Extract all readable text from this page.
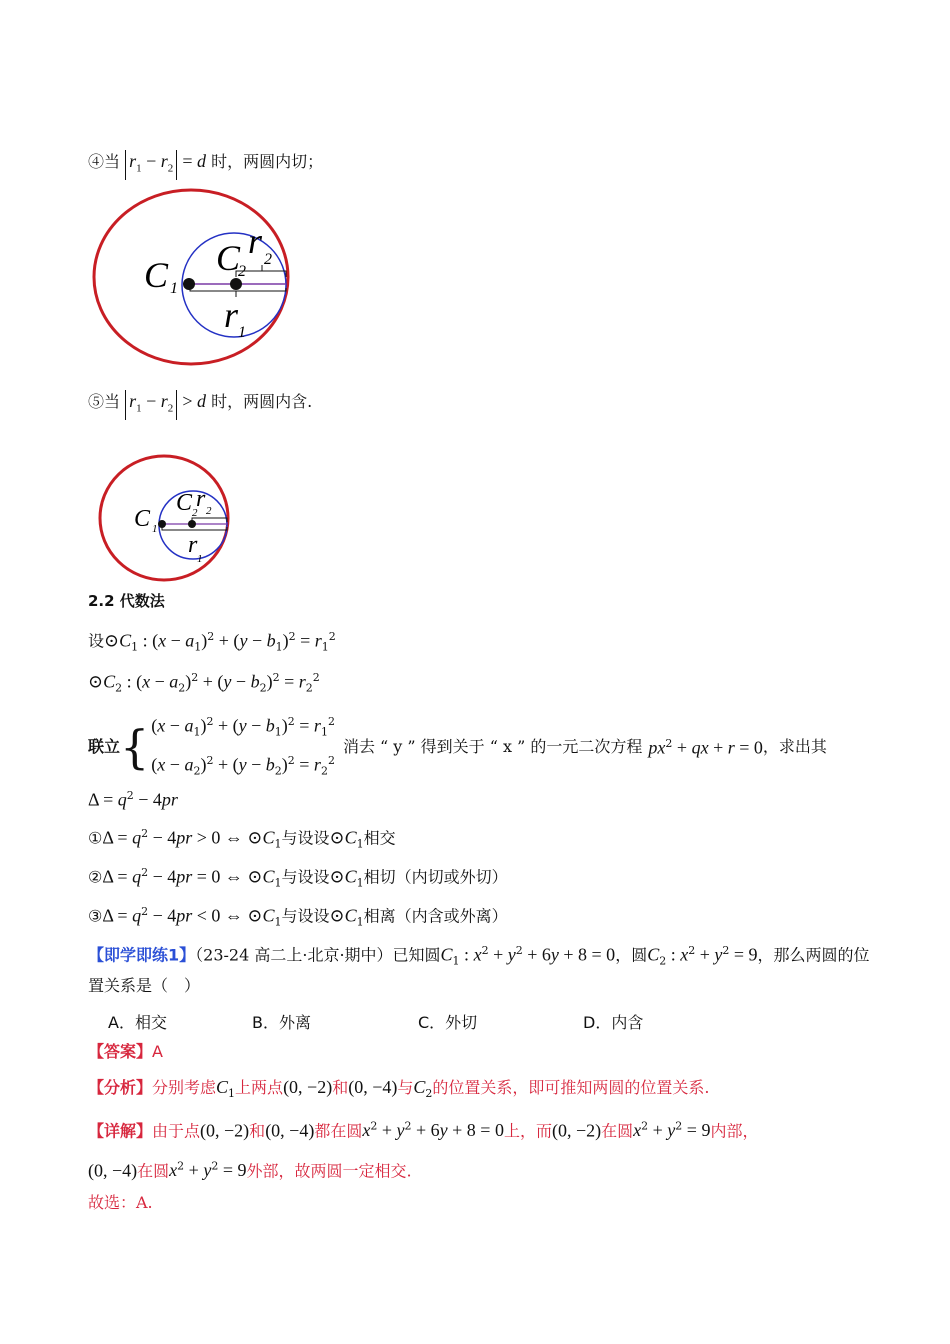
④当 $r_1 - r_2 = d$ 时，两圆内切；
C 1
C
2
r 2
r 1
⑤当 $r_1 - r_2 > d$ 时，两圆内含.
C 1
C 2
r 2
r
1
2.2 代数法
设$⊙C_1$ : $(x - a_1)^2 + (y - b_1)^2 = r_1^2$
$⊙C_2$ : $(x - a_2)^2 + (y - b_2)^2 = r_2^2$
联立 { $(x - a_1)^2 + (y - b_1)^2 = r_1^2$
$(x - a_2)^2 + (y - b_2)^2 = r_2^2$
消去 “ y ” 得到关于 “ x ” 的一元二次方程 $px^2$ + qx + r = 0 ，求出其
$\Delta = q^2 - 4pr$
①Δ = $q^2 - 4pr > 0$ ⇔ $⊙C_1$与设设$⊙C_1$相交
②Δ = $q^2 - 4pr = 0$ ⇔ $⊙C_1$与设设$⊙C_1$相切（内切或外切）
③Δ = $q^2 - 4pr < 0$ ⇔ $⊙C_1$与设设$⊙C_1$相离（内含或外离）
【即学即练1】（23-24 高二上·北京·期中）已知圆$C_1$ : $x^2 + y^2 + 6y + 8 = 0$，圆$C_2$ : $x^2 + y^2 = 9$，那么两圆的位
置关系是（　）
A．相交	B．外离	C．外切	D．内含
【答案】A
【分析】分别考虑$C_1$上两点(0, −2)和(0, −4)与$C_2$的位置关系，即可推知两圆的位置关系.
【详解】由于点(0, −2)和(0, −4)都在圆$x^2 + y^2 + 6y + 8 = 0$上，而(0, −2)在圆$x^2 + y^2 = 9$内部，
(0, −4)在圆$x^2 + y^2 = 9$外部，故两圆一定相交.
故选：A.
